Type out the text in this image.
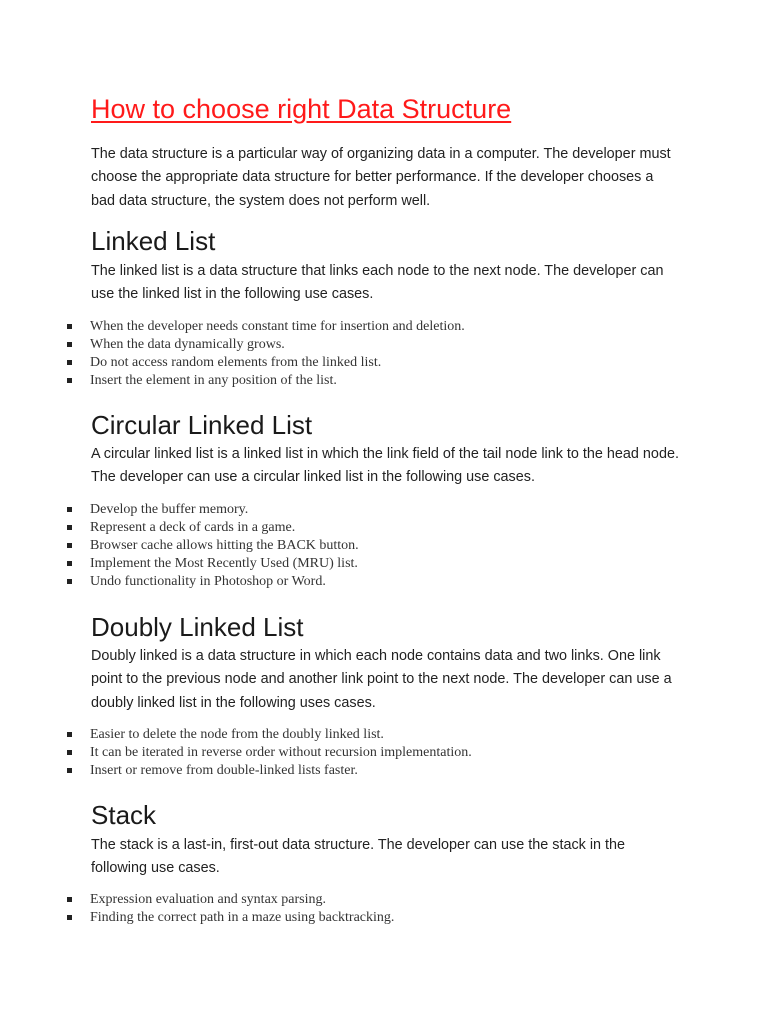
How to choose right Data Structure

The data structure is a particular way of organizing data in a computer. The developer must choose the appropriate data structure for better performance. If the developer chooses a bad data structure, the system does not perform well.

Linked List

The linked list is a data structure that links each node to the next node. The developer can use the linked list in the following use cases.

When the developer needs constant time for insertion and deletion.
When the data dynamically grows.
Do not access random elements from the linked list.
Insert the element in any position of the list.
Circular Linked List

A circular linked list is a linked list in which the link field of the tail node link to the head node. The developer can use a circular linked list in the following use cases.

Develop the buffer memory.
Represent a deck of cards in a game.
Browser cache allows hitting the BACK button.
Implement the Most Recently Used (MRU) list.
Undo functionality in Photoshop or Word.
Doubly Linked List

Doubly linked is a data structure in which each node contains data and two links. One link point to the previous node and another link point to the next node. The developer can use a doubly linked list in the following uses cases.

Easier to delete the node from the doubly linked list.
It can be iterated in reverse order without recursion implementation.
Insert or remove from double-linked lists faster.
Stack

The stack is a last-in, first-out data structure. The developer can use the stack in the following use cases.

Expression evaluation and syntax parsing.
Finding the correct path in a maze using backtracking.
